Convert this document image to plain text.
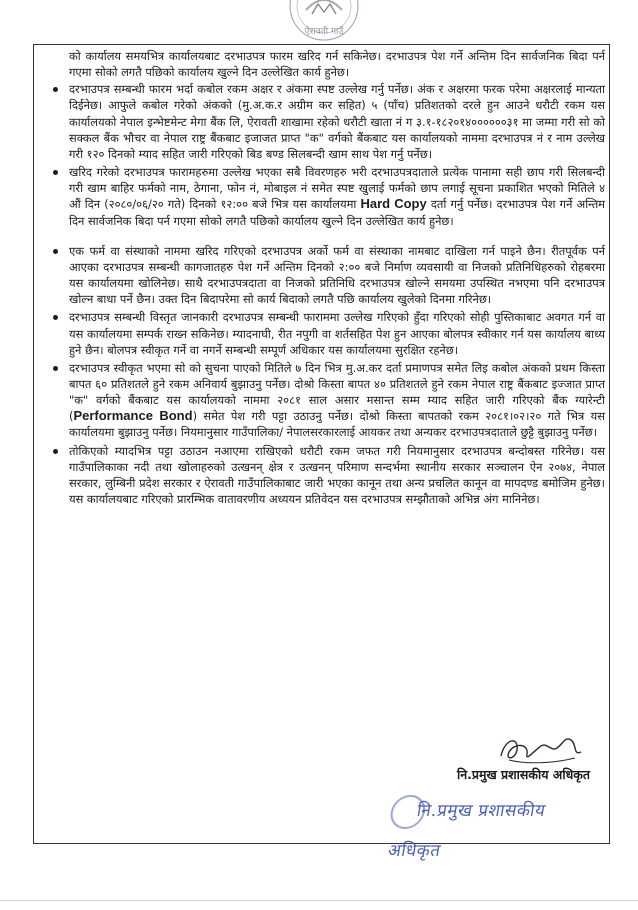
ऐरावती गाउँ
को कार्यालय समयभित्र कार्यालयबाट दरभाउपत्र फारम खरिद गर्न सकिनेछ। दरभाउपत्र पेश गर्ने अन्तिम दिन सार्वजनिक बिदा पर्न गएमा सोको लगतै पछिको कार्यालय खुल्ने दिन उल्लेखित कार्य हुनेछ।
दरभाउपत्र सम्बन्धी फारम भर्दा कबोल रकम अक्षर र अंकमा स्पष्ट उल्लेख गर्नु पर्नेछ। अंक र अक्षरमा फरक परेमा अक्षरलाई मान्यता दिईनेछ। आफुले कबोल गरेको अंकको (मु.अ.क.र अग्रीम कर सहित) ५ (पाँच) प्रतिशतको दरले हुन आउने धरौटी रकम यस कार्यालयको नेपाल इन्भेष्टमेन्ट मेगा बैंक लि, ऐरावती शाखामा रहेको धरौटी खाता नं ग ३.१-१८२०१४००००००३१ मा जम्मा गरी सो को सक्कल बैंक भौचर वा नेपाल राष्ट्र बैंकबाट इजाजत प्राप्त "क" वर्गको बैंकबाट यस कार्यालयको नाममा दरभाउपत्र नं र नाम उल्लेख गरी १२० दिनको म्याद सहित जारी गरिएको बिड बण्ड सिलबन्दी खाम साथ पेश गर्नु पर्नेछ।
खरिद गरेको दरभाउपत्र फारामहरुमा उल्लेख भएका सबै विवरणहरु भरी दरभाउपत्रदाताले प्रत्येक पानामा सही छाप गरी सिलबन्दी गरी खाम बाहिर फर्मको नाम, ठेगाना, फोन नं, मोबाइल नं समेत स्पष्ट खुलाई फर्मको छाप लगाई सूचना प्रकाशित भएको मितिले ४ औं दिन (२०८०/०६/२० गते) दिनको १२:०० बजे भित्र यस कार्यालयमा Hard Copy दर्ता गर्नु पर्नेछ। दरभाउपत्र पेश गर्ने अन्तिम दिन सार्वजनिक बिदा पर्न गएमा सोको लगतै पछिको कार्यालय खुल्ने दिन उल्लेखित कार्य हुनेछ।
एक फर्म वा संस्थाको नाममा खरिद गरिएको दरभाउपत्र अर्को फर्म वा संस्थाका नामबाट दाखिला गर्न पाइने छैन। रीतपूर्वक पर्न आएका दरभाउपत्र सम्बन्धी कागजातहरु पेश गर्ने अन्तिम दिनको २:०० बजे निर्माण व्यवसायी वा निजको प्रतिनिधिहरुको रोहबरमा यस कार्यालयमा खोलिनेछ। साथै दरभाउपत्रदाता वा निजको प्रतिनिधि दरभाउपत्र खोल्ने समयमा उपस्थित नभएमा पनि दरभाउपत्र खोल्न बाधा पर्ने छैन। उक्त दिन बिदापरेमा सो कार्य बिदाको लगतै पछि कार्यालय खुलेको दिनमा गरिनेछ।
दरभाउपत्र सम्बन्धी विस्तृत जानकारी दरभाउपत्र सम्बन्धी फाराममा उल्लेख गरिएको हुँदा गरिएको सोही पुस्तिकाबाट अवगत गर्न वा यस कार्यालयमा सम्पर्क राख्न सकिनेछ। म्यादनाघी, रीत नपुगी वा शर्तसहित पेश हुन आएका बोलपत्र स्वीकार गर्न यस कार्यालय बाध्य हुने छैन। बोलपत्र स्वीकृत गर्ने वा नगर्ने सम्बन्धी सम्पूर्ण अधिकार यस कार्यालयमा सुरक्षित रहनेछ।
दरभाउपत्र स्वीकृत भएमा सो को सुचना पाएको मितिले ७ दिन भित्र मु.अ.कर दर्ता प्रमाणपत्र समेत लिइ कबोल अंकको प्रथम किस्ता बापत ६० प्रतिशतले हुने रकम अनिवार्य बुझाउनु पर्नेछ। दोश्रो किस्ता बापत ४० प्रतिशतले हुने रकम नेपाल राष्ट्र बैंकबाट इज्जात प्राप्त "क" वर्गको बैंकबाट यस कार्यालयको नाममा २०८१ साल असार मसान्त सम्म म्याद सहित जारी गरिएको बैंक ग्यारेन्टी (Performance Bond) समेत पेश गरी पट्टा उठाउनु पर्नेछ। दोश्रो किस्ता बापतको रकम २०८१।०२।२० गते भित्र यस कार्यालयमा बुझाउनु पर्नेछ। नियमानुसार गाउँपालिका/ नेपालसरकारलाई आयकर तथा अन्यकर दरभाउपत्रदाताले छुट्टै बुझाउनु पर्नेछ।
तोकिएको म्यादभित्र पट्टा उठाउन नआएमा राखिएको धरौटी रकम जफत गरी नियमानुसार दरभाउपत्र बन्दोबस्त गरिनेछ। यस गाउँपालिकाका नदी तथा खोलाहरुको उत्खनन् क्षेत्र र उत्खनन् परिमाण सन्दर्भमा स्थानीय सरकार सञ्चालन ऐन २०७४, नेपाल सरकार, लुम्बिनी प्रदेश सरकार र ऐरावती गाउँपालिकाबाट जारी भएका कानून तथा अन्य प्रचलित कानून वा मापदण्ड बमोजिम हुनेछ। यस कार्यालयबाट गरिएको प्रारम्भिक वातावरणीय अध्ययन प्रतिवेदन यस दरभाउपत्र सम्झौताको अभिन्न अंग मानिनेछ।
नि.प्रमुख प्रशासकीय अधिकृत
नि.प्रमुख प्रशासकीय अधिकृत
